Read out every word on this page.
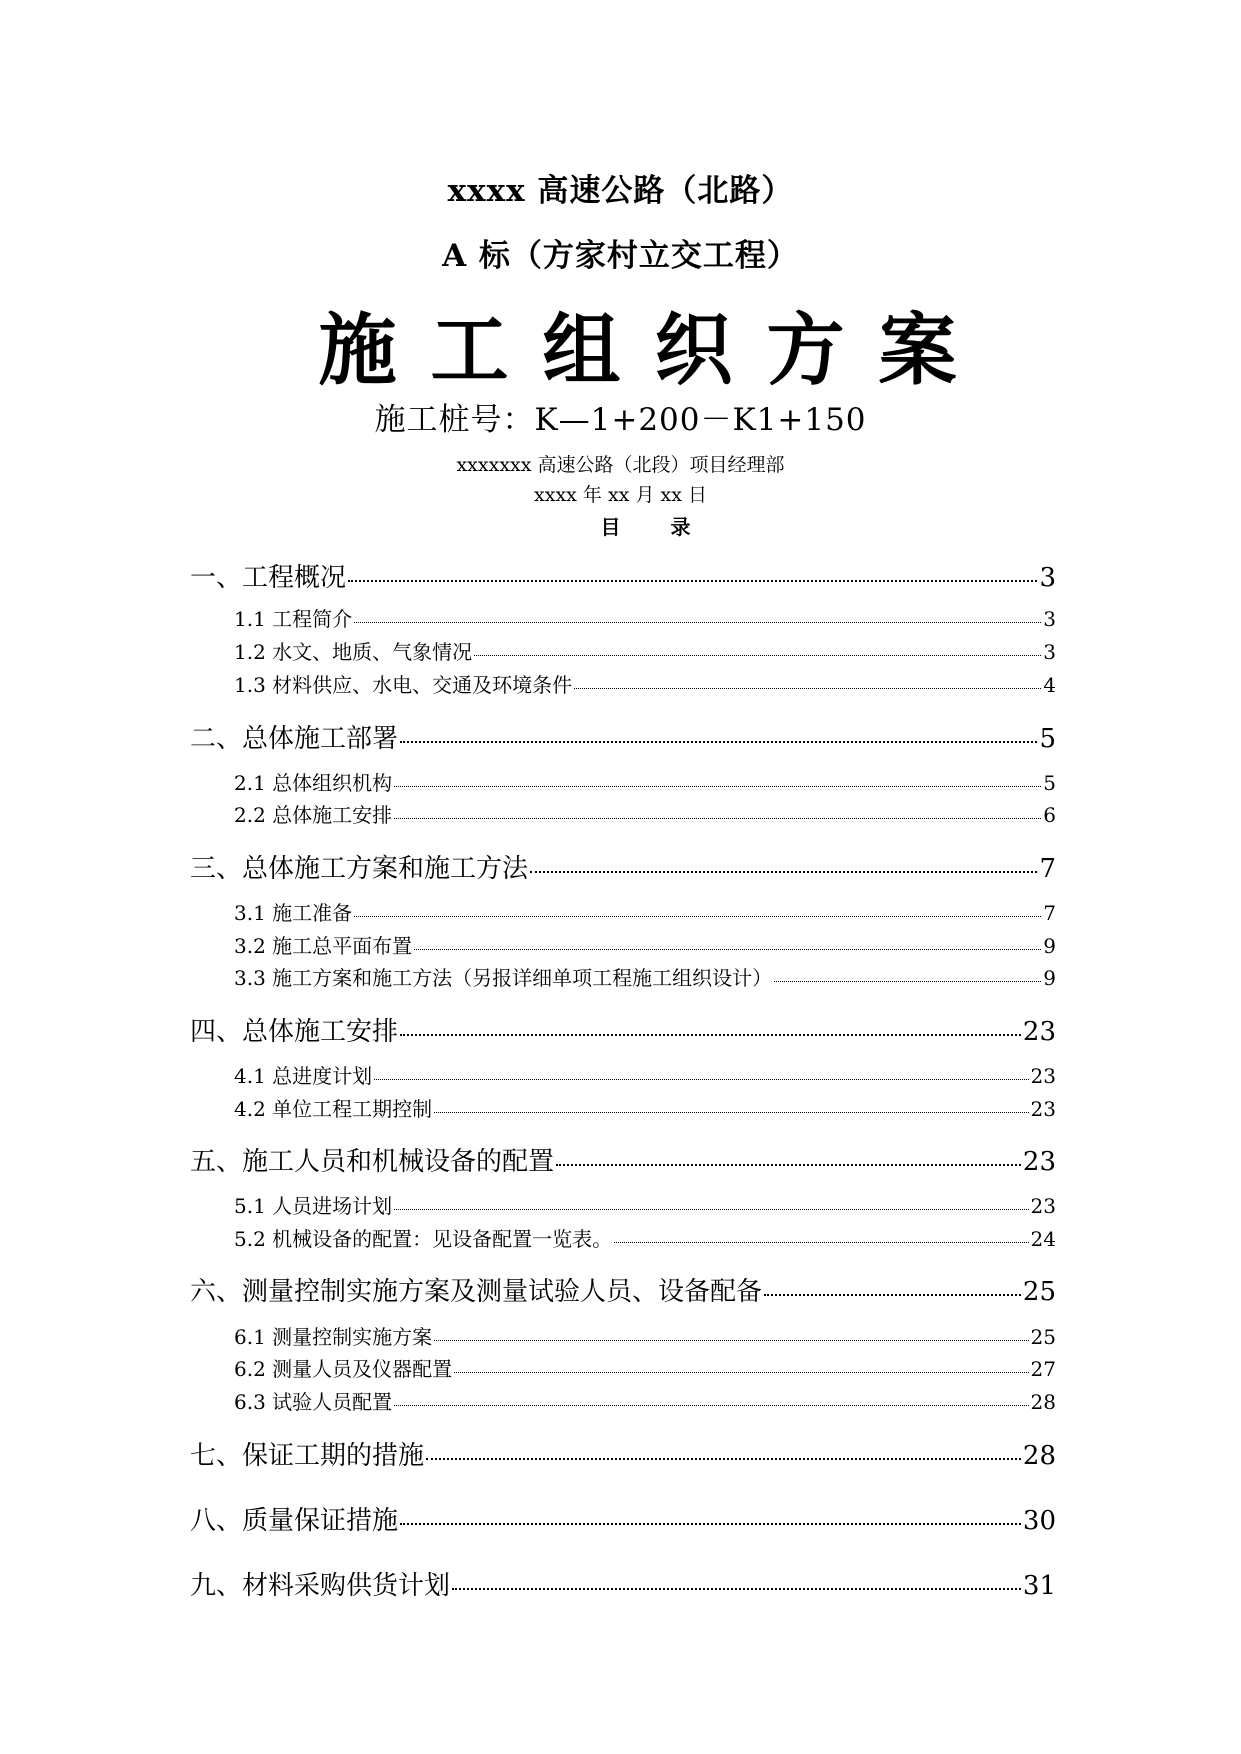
xxxx 高速公路（北路）
A 标（方家村立交工程）
施工组织方案
施工桩号：K—1+200－K1+150
xxxxxxx 高速公路（北段）项目经理部
xxxx 年 xx 月 xx 日
目录
一、工程概况	3
1.1 工程简介	3
1.2 水文、地质、气象情况	3
1.3 材料供应、水电、交通及环境条件	4
二、总体施工部署	5
2.1 总体组织机构	5
2.2 总体施工安排	6
三、总体施工方案和施工方法	7
3.1 施工准备	7
3.2 施工总平面布置	9
3.3 施工方案和施工方法（另报详细单项工程施工组织设计）	9
四、总体施工安排	23
4.1 总进度计划	23
4.2 单位工程工期控制	23
五、施工人员和机械设备的配置	23
5.1 人员进场计划	23
5.2 机械设备的配置：见设备配置一览表。	24
六、测量控制实施方案及测量试验人员、设备配备	25
6.1 测量控制实施方案	25
6.2 测量人员及仪器配置	27
6.3 试验人员配置	28
七、保证工期的措施	28
八、质量保证措施	30
九、材料采购供货计划	31
